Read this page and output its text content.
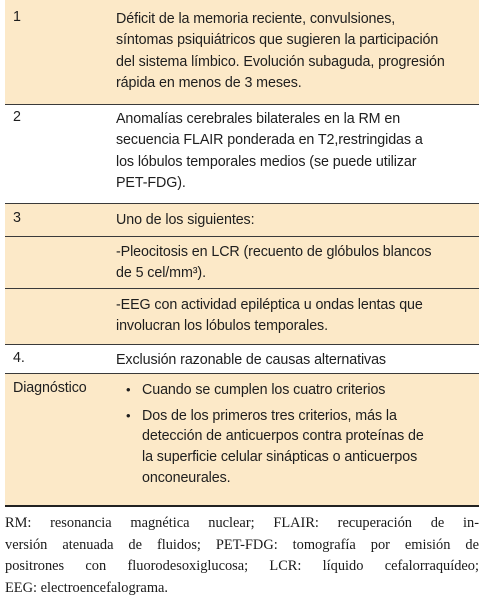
1	Déficit de la memoria reciente, convulsiones,
síntomas psiquiátricos que sugieren la participación
del sistema límbico. Evolución subaguda, progresión
rápida en menos de 3 meses.
2	Anomalías cerebrales bilaterales en la RM en
secuencia FLAIR ponderada en T2,restringidas a
los lóbulos temporales medios (se puede utilizar
PET-FDG).
3	Uno de los siguientes:
-Pleocitosis en LCR (recuento de glóbulos blancos
de 5 cel/mm³).
-EEG con actividad epiléptica u ondas lentas que
involucran los lóbulos temporales.
4.	Exclusión razonable de causas alternativas
Diagnóstico	• Cuando se cumplen los cuatro criterios
• Dos de los primeros tres criterios, más la
detección de anticuerpos contra proteínas de
la superficie celular sinápticas o anticuerpos
onconeurales.
RM: resonancia magnética nuclear; FLAIR: recuperación de in-
versión atenuada de fluidos; PET-FDG: tomografía por emisión de
positrones con fluorodesoxiglucosa; LCR: líquido cefalorraquídeo;
EEG: electroencefalograma.
